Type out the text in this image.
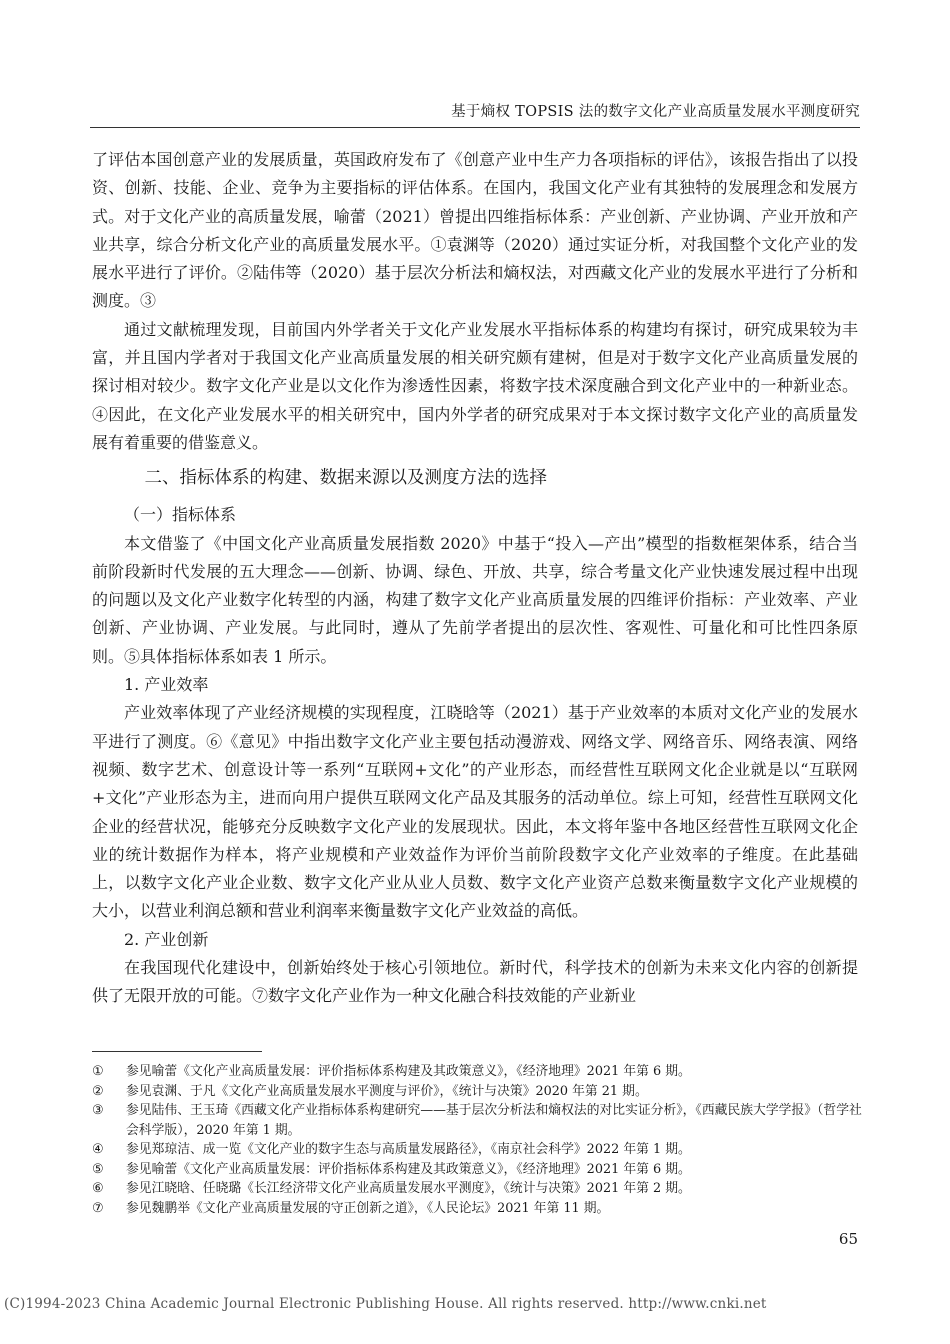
基于熵权 TOPSIS 法的数字文化产业高质量发展水平测度研究

了评估本国创意产业的发展质量，英国政府发布了《创意产业中生产力各项指标的评估》，该报告指出了以投资、创新、技能、企业、竞争为主要指标的评估体系。在国内，我国文化产业有其独特的发展理念和发展方式。对于文化产业的高质量发展，喻蕾（2021）曾提出四维指标体系：产业创新、产业协调、产业开放和产业共享，综合分析文化产业的高质量发展水平。①袁渊等（2020）通过实证分析，对我国整个文化产业的发展水平进行了评价。②陆伟等（2020）基于层次分析法和熵权法，对西藏文化产业的发展水平进行了分析和测度。③

通过文献梳理发现，目前国内外学者关于文化产业发展水平指标体系的构建均有探讨，研究成果较为丰富，并且国内学者对于我国文化产业高质量发展的相关研究颇有建树，但是对于数字文化产业高质量发展的探讨相对较少。数字文化产业是以文化作为渗透性因素，将数字技术深度融合到文化产业中的一种新业态。④因此，在文化产业发展水平的相关研究中，国内外学者的研究成果对于本文探讨数字文化产业的高质量发展有着重要的借鉴意义。

二、指标体系的构建、数据来源以及测度方法的选择
（一）指标体系

本文借鉴了《中国文化产业高质量发展指数 2020》中基于“投入—产出”模型的指数框架体系，结合当前阶段新时代发展的五大理念——创新、协调、绿色、开放、共享，综合考量文化产业快速发展过程中出现的问题以及文化产业数字化转型的内涵，构建了数字文化产业高质量发展的四维评价指标：产业效率、产业创新、产业协调、产业发展。与此同时，遵从了先前学者提出的层次性、客观性、可量化和可比性四条原则。⑤具体指标体系如表 1 所示。

1. 产业效率

产业效率体现了产业经济规模的实现程度，江晓晗等（2021）基于产业效率的本质对文化产业的发展水平进行了测度。⑥《意见》中指出数字文化产业主要包括动漫游戏、网络文学、网络音乐、网络表演、网络视频、数字艺术、创意设计等一系列“互联网+文化”的产业形态，而经营性互联网文化企业就是以“互联网+文化”产业形态为主，进而向用户提供互联网文化产品及其服务的活动单位。综上可知，经营性互联网文化企业的经营状况，能够充分反映数字文化产业的发展现状。因此，本文将年鉴中各地区经营性互联网文化企业的统计数据作为样本，将产业规模和产业效益作为评价当前阶段数字文化产业效率的子维度。在此基础上，以数字文化产业企业数、数字文化产业从业人员数、数字文化产业资产总数来衡量数字文化产业规模的大小，以营业利润总额和营业利润率来衡量数字文化产业效益的高低。

2. 产业创新

在我国现代化建设中，创新始终处于核心引领地位。新时代，科学技术的创新为未来文化内容的创新提供了无限开放的可能。⑦数字文化产业作为一种文化融合科技效能的产业新业

①	参见喻蕾《文化产业高质量发展：评价指标体系构建及其政策意义》，《经济地理》2021 年第 6 期。
②	参见袁渊、于凡《文化产业高质量发展水平测度与评价》，《统计与决策》2020 年第 21 期。
③	参见陆伟、王玉琦《西藏文化产业指标体系构建研究——基于层次分析法和熵权法的对比实证分析》，《西藏民族大学学报》（哲学社会科学版），2020 年第 1 期。
④	参见郑琼洁、成一览《文化产业的数字生态与高质量发展路径》，《南京社会科学》2022 年第 1 期。
⑤	参见喻蕾《文化产业高质量发展：评价指标体系构建及其政策意义》，《经济地理》2021 年第 6 期。
⑥	参见江晓晗、任晓璐《长江经济带文化产业高质量发展水平测度》，《统计与决策》2021 年第 2 期。
⑦	参见魏鹏举《文化产业高质量发展的守正创新之道》，《人民论坛》2021 年第 11 期。
65
(C)1994-2023 China Academic Journal Electronic Publishing House. All rights reserved. http://www.cnki.net
